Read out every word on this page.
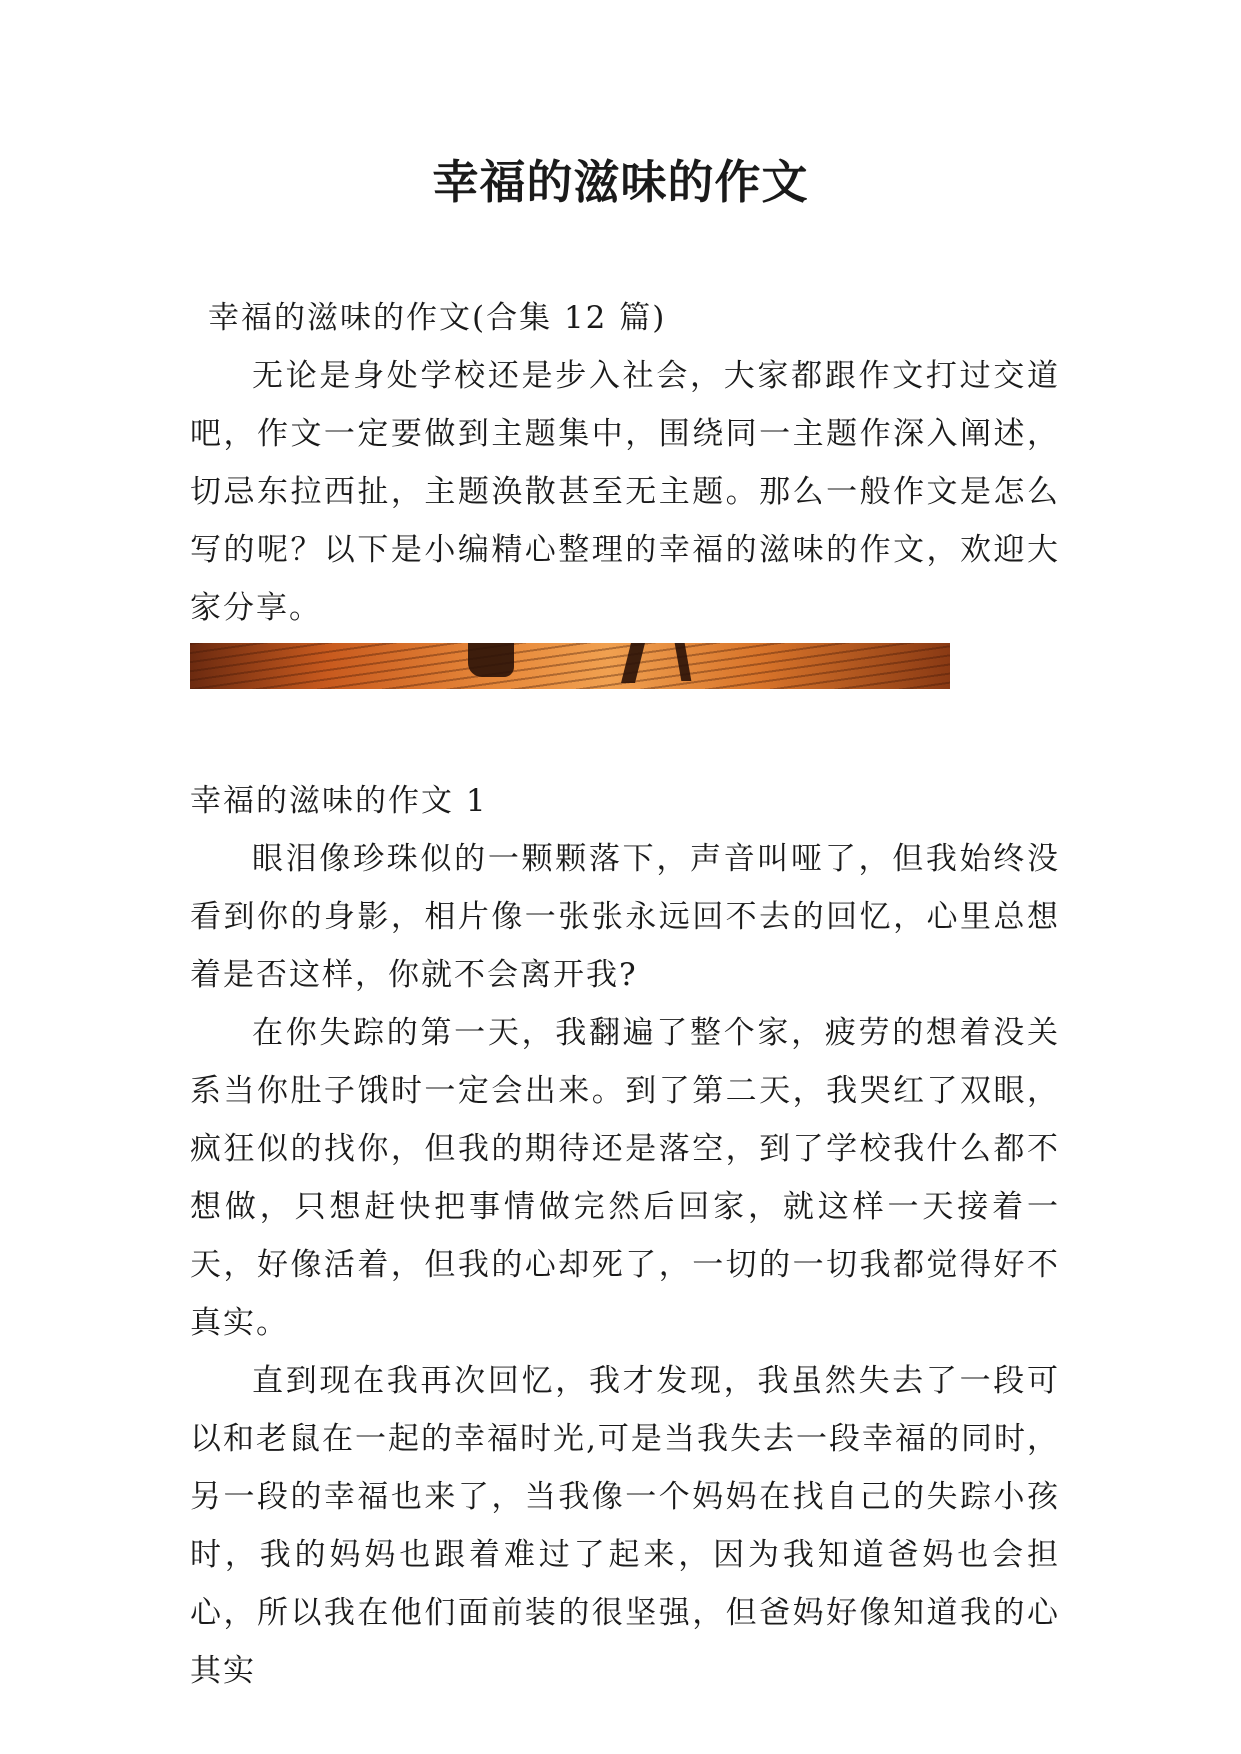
幸福的滋味的作文

幸福的滋味的作文(合集 12 篇)

无论是身处学校还是步入社会，大家都跟作文打过交道吧，作文一定要做到主题集中，围绕同一主题作深入阐述，切忌东拉西扯，主题涣散甚至无主题。那么一般作文是怎么写的呢？以下是小编精心整理的幸福的滋味的作文，欢迎大家分享。

幸福的滋味的作文 1

眼泪像珍珠似的一颗颗落下，声音叫哑了，但我始终没看到你的身影，相片像一张张永远回不去的回忆，心里总想着是否这样，你就不会离开我?

在你失踪的第一天，我翻遍了整个家，疲劳的想着没关系当你肚子饿时一定会出来。到了第二天，我哭红了双眼，疯狂似的找你，但我的期待还是落空，到了学校我什么都不想做，只想赶快把事情做完然后回家，就这样一天接着一天，好像活着，但我的心却死了，一切的一切我都觉得好不真实。

直到现在我再次回忆，我才发现，我虽然失去了一段可以和老鼠在一起的幸福时光,可是当我失去一段幸福的同时，另一段的幸福也来了，当我像一个妈妈在找自己的失踪小孩时，我的妈妈也跟着难过了起来，因为我知道爸妈也会担心，所以我在他们面前装的很坚强，但爸妈好像知道我的心其实
